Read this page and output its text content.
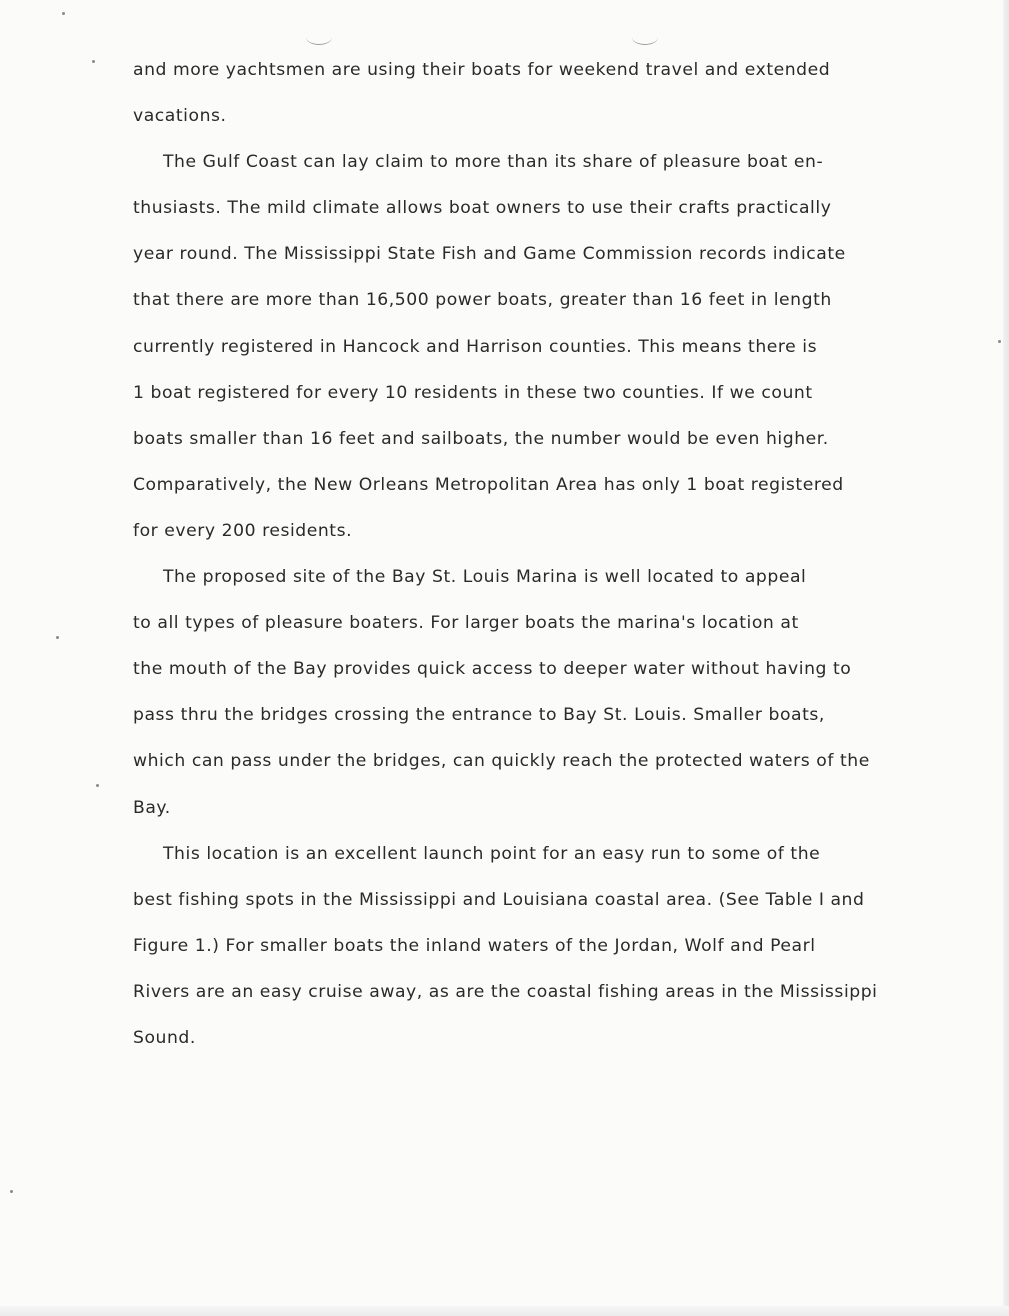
and more yachtsmen are using their boats for weekend travel and extended
vacations.
The Gulf Coast can lay claim to more than its share of pleasure boat en-
thusiasts. The mild climate allows boat owners to use their crafts practically
year round. The Mississippi State Fish and Game Commission records indicate
that there are more than 16,500 power boats, greater than 16 feet in length
currently registered in Hancock and Harrison counties. This means there is
1 boat registered for every 10 residents in these two counties. If we count
boats smaller than 16 feet and sailboats, the number would be even higher.
Comparatively, the New Orleans Metropolitan Area has only 1 boat registered
for every 200 residents.
The proposed site of the Bay St. Louis Marina is well located to appeal
to all types of pleasure boaters. For larger boats the marina's location at
the mouth of the Bay provides quick access to deeper water without having to
pass thru the bridges crossing the entrance to Bay St. Louis. Smaller boats,
which can pass under the bridges, can quickly reach the protected waters of the
Bay.
This location is an excellent launch point for an easy run to some of the
best fishing spots in the Mississippi and Louisiana coastal area. (See Table I and
Figure 1.) For smaller boats the inland waters of the Jordan, Wolf and Pearl
Rivers are an easy cruise away, as are the coastal fishing areas in the Mississippi
Sound.
